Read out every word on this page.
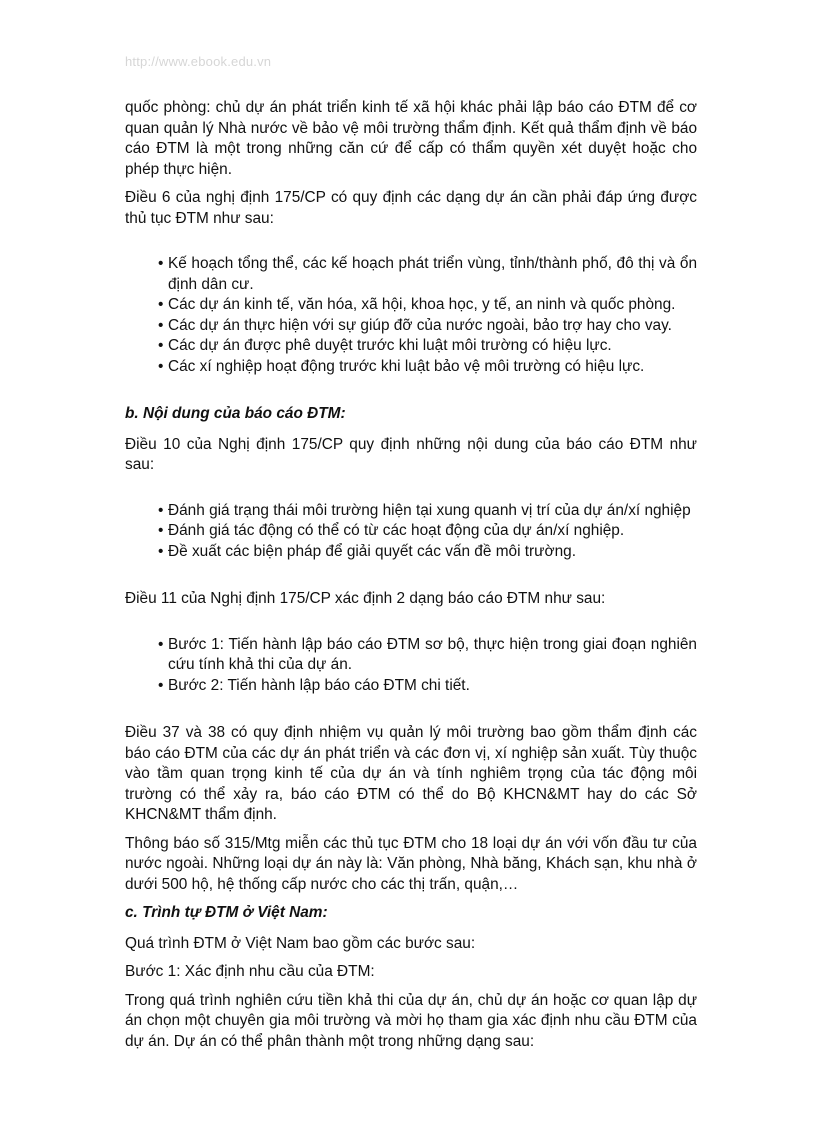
http://www.ebook.edu.vn

quốc phòng: chủ dự án phát triển kinh tế xã hội khác phải lập báo cáo ĐTM để cơ quan quản lý Nhà nước về bảo vệ môi trường thẩm định. Kết quả thẩm định về báo cáo ĐTM là một trong những căn cứ để cấp có thẩm quyền xét duyệt hoặc cho phép thực hiện.

Điều 6 của nghị định 175/CP có quy định các dạng dự án cần phải đáp ứng được thủ tục ĐTM như sau:

• Kế hoạch tổng thể, các kế hoạch phát triển vùng, tỉnh/thành phố, đô thị và ổn định dân cư.
• Các dự án kinh tế, văn hóa, xã hội, khoa học, y tế, an ninh và quốc phòng.
• Các dự án thực hiện với sự giúp đỡ của nước ngoài, bảo trợ hay cho vay.
• Các dự án được phê duyệt trước khi luật môi trường có hiệu lực.
• Các xí nghiệp hoạt động trước khi luật bảo vệ môi trường có hiệu lực.
b. Nội dung của báo cáo ĐTM:

Điều 10 của Nghị định 175/CP quy định những nội dung của báo cáo ĐTM như sau:

• Đánh giá trạng thái môi trường hiện tại xung quanh vị trí của dự án/xí nghiệp
• Đánh giá tác động có thể có từ các hoạt động của dự án/xí nghiệp.
• Đề xuất các biện pháp để giải quyết các vấn đề môi trường.

Điều 11 của Nghị định 175/CP xác định 2 dạng báo cáo ĐTM như sau:

• Bước 1: Tiến hành lập báo cáo ĐTM sơ bộ, thực hiện trong giai đoạn nghiên cứu tính khả thi của dự án.
• Bước 2: Tiến hành lập báo cáo ĐTM chi tiết.

Điều 37 và 38 có quy định nhiệm vụ quản lý môi trường bao gồm thẩm định các báo cáo ĐTM của các dự án phát triển và các đơn vị, xí nghiệp sản xuất. Tùy thuộc vào tầm quan trọng kinh tế của dự án và tính nghiêm trọng của tác động môi trường có thể xảy ra, báo cáo ĐTM có thể do Bộ KHCN&MT hay do các Sở KHCN&MT thẩm định.

Thông báo số 315/Mtg miễn các thủ tục ĐTM cho 18 loại dự án với vốn đầu tư của nước ngoài. Những loại dự án này là: Văn phòng, Nhà băng, Khách sạn, khu nhà ở dưới 500 hộ, hệ thống cấp nước cho các thị trấn, quận,…

c. Trình tự ĐTM ở Việt Nam:

Quá trình ĐTM ở Việt Nam bao gồm các bước sau:

Bước 1: Xác định nhu cầu của ĐTM:

Trong quá trình nghiên cứu tiền khả thi của dự án, chủ dự án hoặc cơ quan lập dự án chọn một chuyên gia môi trường và mời họ tham gia xác định nhu cầu ĐTM của dự án. Dự án có thể phân thành một trong những dạng sau:
